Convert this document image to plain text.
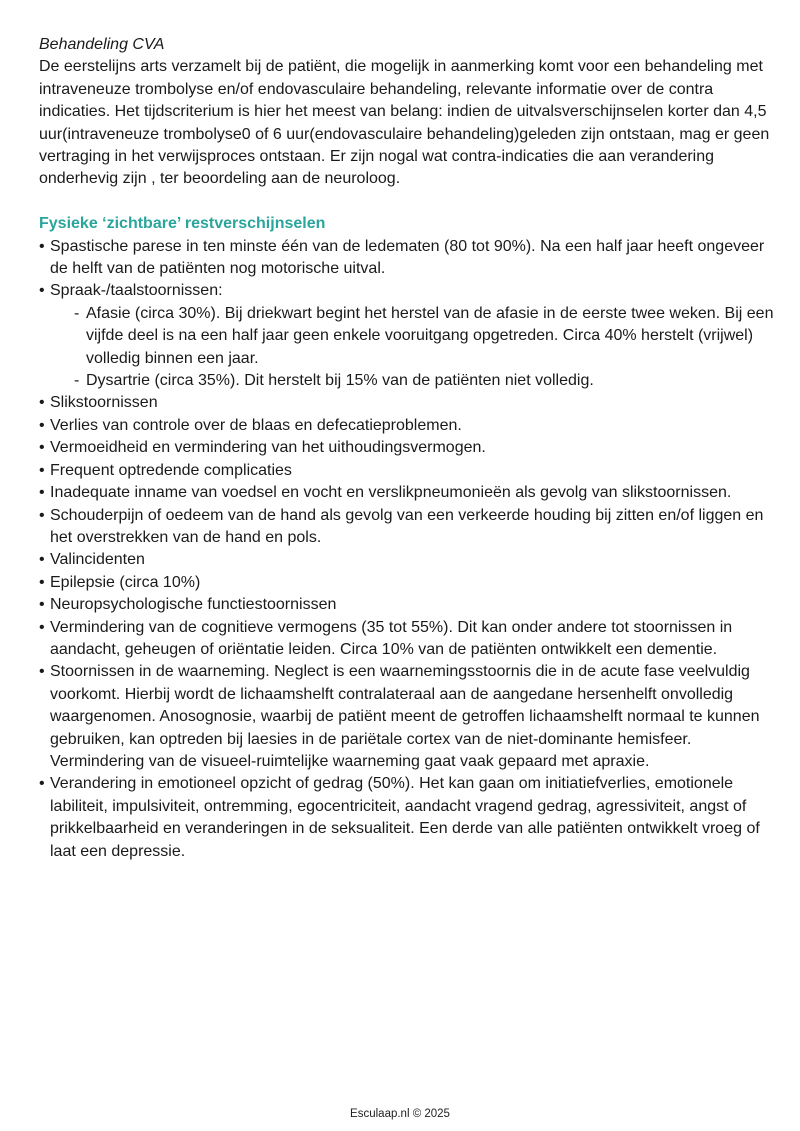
Behandeling CVA

De eerstelijns arts verzamelt bij de patiënt, die mogelijk in aanmerking komt voor een behandeling met intraveneuze trombolyse en/of endovasculaire behandeling, relevante informatie over de contra indicaties. Het tijdscriterium is hier het meest van belang: indien de uitvalsverschijnselen korter dan 4,5 uur(intraveneuze trombolyse0 of 6 uur(endovasculaire behandeling)geleden zijn ontstaan, mag er geen vertraging in het verwijsproces ontstaan. Er zijn nogal wat contra-indicaties die aan verandering onderhevig zijn , ter beoordeling aan de neuroloog.

Fysieke ‘zichtbare’ restverschijnselen

• Spastische parese in ten minste één van de ledematen (80 tot 90%). Na een half jaar heeft ongeveer de helft van de patiënten nog motorische uitval.
• Spraak-/taalstoornissen:
- Afasie (circa 30%). Bij driekwart begint het herstel van de afasie in de eerste twee weken. Bij een vijfde deel is na een half jaar geen enkele vooruitgang opgetreden. Circa 40% herstelt (vrijwel) volledig binnen een jaar.
- Dysartrie (circa 35%). Dit herstelt bij 15% van de patiënten niet volledig.
• Slikstoornissen
• Verlies van controle over de blaas en defecatieproblemen.
• Vermoeidheid en vermindering van het uithoudingsvermogen.
• Frequent optredende complicaties
• Inadequate inname van voedsel en vocht en verslikpneumonieën als gevolg van slikstoornissen.
• Schouderpijn of oedeem van de hand als gevolg van een verkeerde houding bij zitten en/of liggen en het overstrekken van de hand en pols.
• Valincidenten
• Epilepsie (circa 10%)
• Neuropsychologische functiestoornissen
• Vermindering van de cognitieve vermogens (35 tot 55%). Dit kan onder andere tot stoornissen in aandacht, geheugen of oriëntatie leiden. Circa 10% van de patiënten ontwikkelt een dementie.
• Stoornissen in de waarneming. Neglect is een waarnemingsstoornis die in de acute fase veelvuldig voorkomt. Hierbij wordt de lichaamshelft contralateraal aan de aangedane hersenhelft onvolledig waargenomen. Anosognosie, waarbij de patiënt meent de getroffen lichaamshelft normaal te kunnen gebruiken, kan optreden bij laesies in de pariëtale cortex van de niet-dominante hemisfeer. Vermindering van de visueel-ruimtelijke waarneming gaat vaak gepaard met apraxie.
• Verandering in emotioneel opzicht of gedrag (50%). Het kan gaan om initiatiefverlies, emotionele labiliteit, impulsiviteit, ontremming, egocentriciteit, aandacht vragend gedrag, agressiviteit, angst of prikkelbaarheid en veranderingen in de seksualiteit. Een derde van alle patiënten ontwikkelt vroeg of laat een depressie.
Esculaap.nl © 2025
